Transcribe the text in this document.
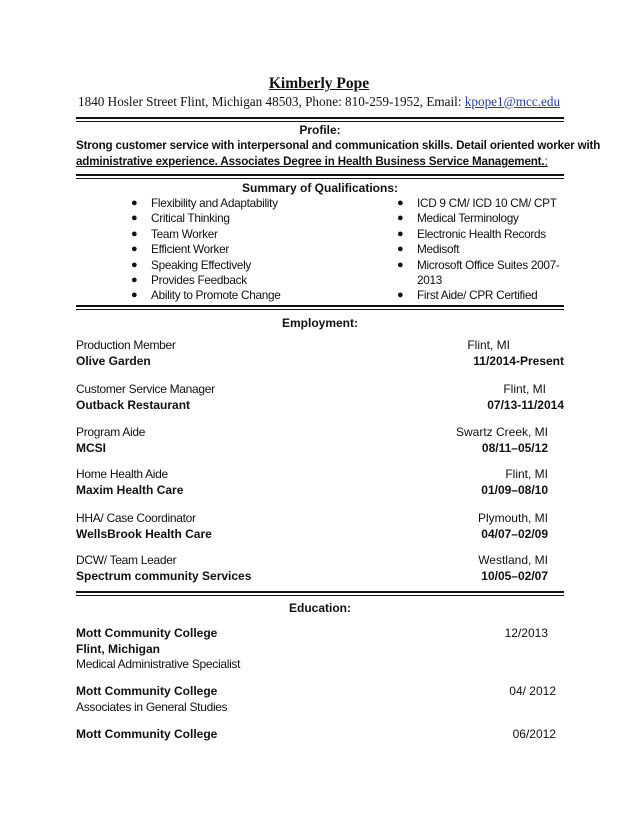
Kimberly Pope
1840 Hosler Street Flint, Michigan 48503, Phone: 810-259-1952, Email: kpope1@mcc.edu
Profile:
Strong customer service with interpersonal and communication skills. Detail oriented worker with
administrative experience. Associates Degree in Health Business Service Management.;
Summary of Qualifications:
● Flexibility and Adaptability
● Critical Thinking
● Team Worker
● Efficient Worker
● Speaking Effectively
● Provides Feedback
● Ability to Promote Change
● ICD 9 CM/ ICD 10 CM/ CPT
● Medical Terminology
● Electronic Health Records
● Medisoft
● Microsoft Office Suites 2007-
2013
● First Aide/ CPR Certified
Employment:
Production Member	Flint, MI
Olive Garden	11/2014-Present
Customer Service Manager	Flint, MI
Outback Restaurant	07/13-11/2014
Program Aide	Swartz Creek, MI
MCSI	08/11–05/12
Home Health Aide	Flint, MI
Maxim Health Care	01/09–08/10
HHA/ Case Coordinator	Plymouth, MI
WellsBrook Health Care	04/07–02/09
DCW/ Team Leader	Westland, MI
Spectrum community Services	10/05–02/07
Education:
Mott Community College	12/2013
Flint, Michigan
Medical Administrative Specialist
Mott Community College	04/ 2012
Associates in General Studies
Mott Community College	06/2012
